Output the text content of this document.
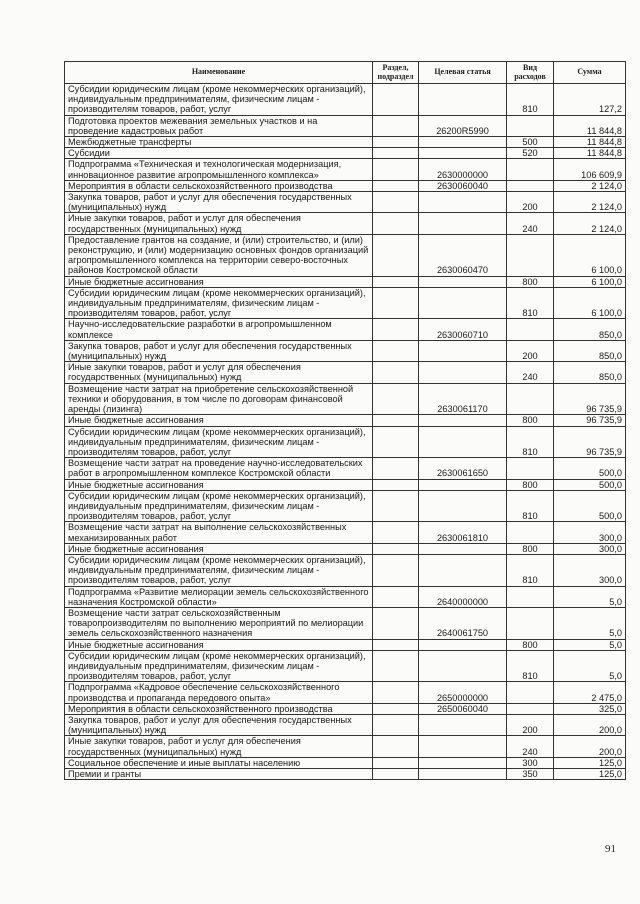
Наименование	Раздел, подраздел	Целевая статья	Вид расходов	Сумма
Субсидии юридическим лицам (кроме некоммерческих организаций), индивидуальным предпринимателям, физическим лицам - производителям товаров, работ, услуг			810	127,2
Подготовка проектов межевания земельных участков и на проведение кадастровых работ		26200R5990		11 844,8
Межбюджетные трансферты			500	11 844,8
Субсидии			520	11 844,8
Подпрограмма «Техническая и технологическая модернизация, инновационное развитие агропромышленного комплекса»		2630000000		106 609,9
Мероприятия в области сельскохозяйственного производства		2630060040		2 124,0
Закупка товаров, работ и услуг для обеспечения государственных (муниципальных) нужд			200	2 124,0
Иные закупки товаров, работ и услуг для обеспечения государственных (муниципальных) нужд			240	2 124,0
Предоставление грантов на создание, и (или) строительство, и (или) реконструкцию, и (или) модернизацию основных фондов организаций агропромышленного комплекса на территории северо-восточных районов Костромской области		2630060470		6 100,0
Иные бюджетные ассигнования			800	6 100,0
Субсидии юридическим лицам (кроме некоммерческих организаций), индивидуальным предпринимателям, физическим лицам - производителям товаров, работ, услуг			810	6 100,0
Научно-исследовательские разработки в агропромышленном комплексе		2630060710		850,0
Закупка товаров, работ и услуг для обеспечения государственных (муниципальных) нужд			200	850,0
Иные закупки товаров, работ и услуг для обеспечения государственных (муниципальных) нужд			240	850,0
Возмещение части затрат на приобретение сельскохозяйственной техники и оборудования, в том числе по договорам финансовой аренды (лизинга)		2630061170		96 735,9
Иные бюджетные ассигнования			800	96 735,9
Субсидии юридическим лицам (кроме некоммерческих организаций), индивидуальным предпринимателям, физическим лицам - производителям товаров, работ, услуг			810	96 735,9
Возмещение части затрат на проведение научно-исследовательских работ в агропромышленном комплексе Костромской области		2630061650		500,0
Иные бюджетные ассигнования			800	500,0
Субсидии юридическим лицам (кроме некоммерческих организаций), индивидуальным предпринимателям, физическим лицам - производителям товаров, работ, услуг			810	500,0
Возмещение части затрат на выполнение сельскохозяйственных механизированных работ		2630061810		300,0
Иные бюджетные ассигнования			800	300,0
Субсидии юридическим лицам (кроме некоммерческих организаций), индивидуальным предпринимателям, физическим лицам - производителям товаров, работ, услуг			810	300,0
Подпрограмма «Развитие мелиорации земель сельскохозяйственного назначения Костромской области»		2640000000		5,0
Возмещение части затрат сельскохозяйственным товаропроизводителям по выполнению мероприятий по мелиорации земель сельскохозяйственного назначения		2640061750		5,0
Иные бюджетные ассигнования			800	5,0
Субсидии юридическим лицам (кроме некоммерческих организаций), индивидуальным предпринимателям, физическим лицам - производителям товаров, работ, услуг			810	5,0
Подпрограмма «Кадровое обеспечение сельскохозяйственного производства и пропаганда передового опыта»		2650000000		2 475,0
Мероприятия в области сельскохозяйственного производства		2650060040		325,0
Закупка товаров, работ и услуг для обеспечения государственных (муниципальных) нужд			200	200,0
Иные закупки товаров, работ и услуг для обеспечения государственных (муниципальных) нужд			240	200,0
Социальное обеспечение и иные выплаты населению			300	125,0
Премии и гранты			350	125,0
91
